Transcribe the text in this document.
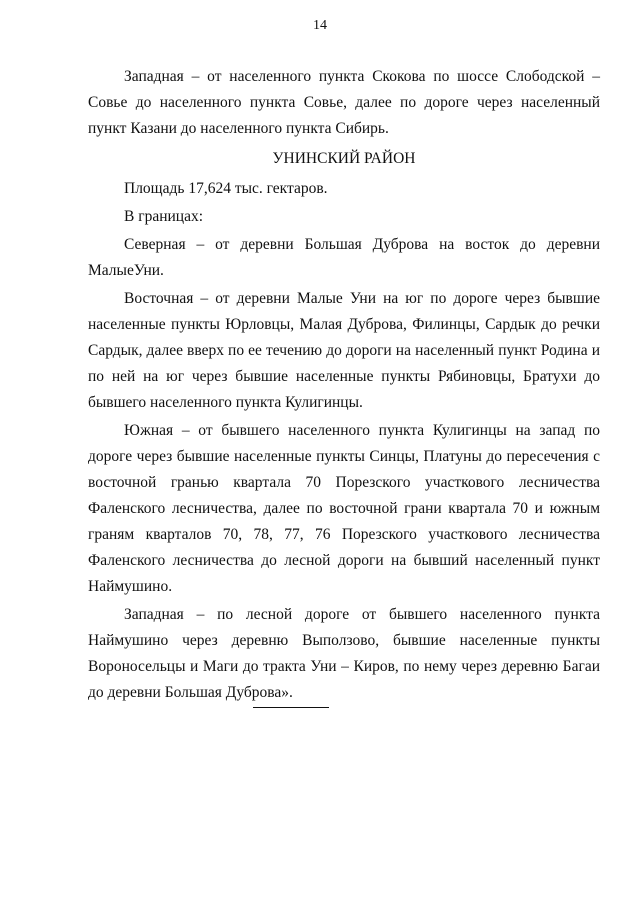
14

Западная – от населенного пункта Скокова по шоссе Слободской – Совье до населенного пункта Совье, далее по дороге через населенный пункт Казани до населенного пункта Сибирь.

УНИНСКИЙ РАЙОН

Площадь 17,624 тыс. гектаров.

В границах:

Северная – от деревни Большая Дуброва на восток до деревни МалыеУни.

Восточная – от деревни Малые Уни на юг по дороге через бывшие населенные пункты Юрловцы, Малая Дуброва, Филинцы, Сардык до речки Сардык, далее вверх по ее течению до дороги на населенный пункт Родина и по ней на юг через бывшие населенные пункты Рябиновцы, Братухи до бывшего населенного пункта Кулигинцы.

Южная – от бывшего населенного пункта Кулигинцы на запад по дороге через бывшие населенные пункты Синцы, Платуны до пересечения с восточной гранью квартала 70 Порезского участкового лесничества Фаленского лесничества, далее по восточной грани квартала 70 и южным граням кварталов 70, 78, 77, 76 Порезского участкового лесничества Фаленского лесничества до лесной дороги на бывший населенный пункт Наймушино.

Западная – по лесной дороге от бывшего населенного пункта Наймушино через деревню Выползово, бывшие населенные пункты Вороносельцы и Маги до тракта Уни – Киров, по нему через деревню Багаи до деревни Большая Дуброва».
